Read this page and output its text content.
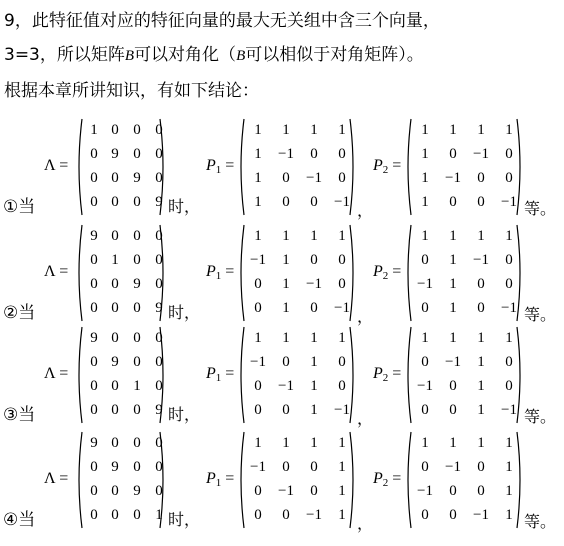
9，此特征值对应的特征向量的最大无关组中含三个向量，
3=3，所以矩阵B可以对角化（B可以相似于对角矩阵）。
根据本章所讲知识，有如下结论：
①当
Λ =
1 0 0 0
0 9 0 0
0 0 9 0
0 0 0 9 时，
$P_1$ =
1	1	1	1
1	−1	0	0
1	0	−1	0
1	0	0	−1 ，
$P_2$ =
1	1	1	1
1	0	−1	0
1	−1	0	0
1	0	0	−1 等。
②当
Λ =
9 0 0 0
0 1 0 0
0 0 9 0
0 0 0 9 时，
$P_1$ =
1	1	1	1
−1	1	0	0
0	1	−1	0
0	1	0	−1 ，
$P_2$ =
1	1	1	1
0	1	−1	0
−1	1	0	0
0	1	0	−1 等。
③当
Λ =
9 0 0 0
0 9 0 0
0 0 1 0
0 0 0 9 时，
$P_1$ =
1	1	1	1
−1	0	1	0
0	−1	1	0
0	0	1	−1 ，
$P_2$ =
1	1	1	1
0	−1	1	0
−1	0	1	0
0	0	1	−1 等。
④当
Λ =
9 0 0 0
0 9 0 0
0 0 9 0
0 0 0 1 时，
$P_1$ =
1	1	1	1
−1	0	0	1
0	−1	0	1
0	0	−1	1 ，
$P_2$ =
1	1	1	1
0	−1	0	1
−1	0	0	1
0	0	−1	1 等。
